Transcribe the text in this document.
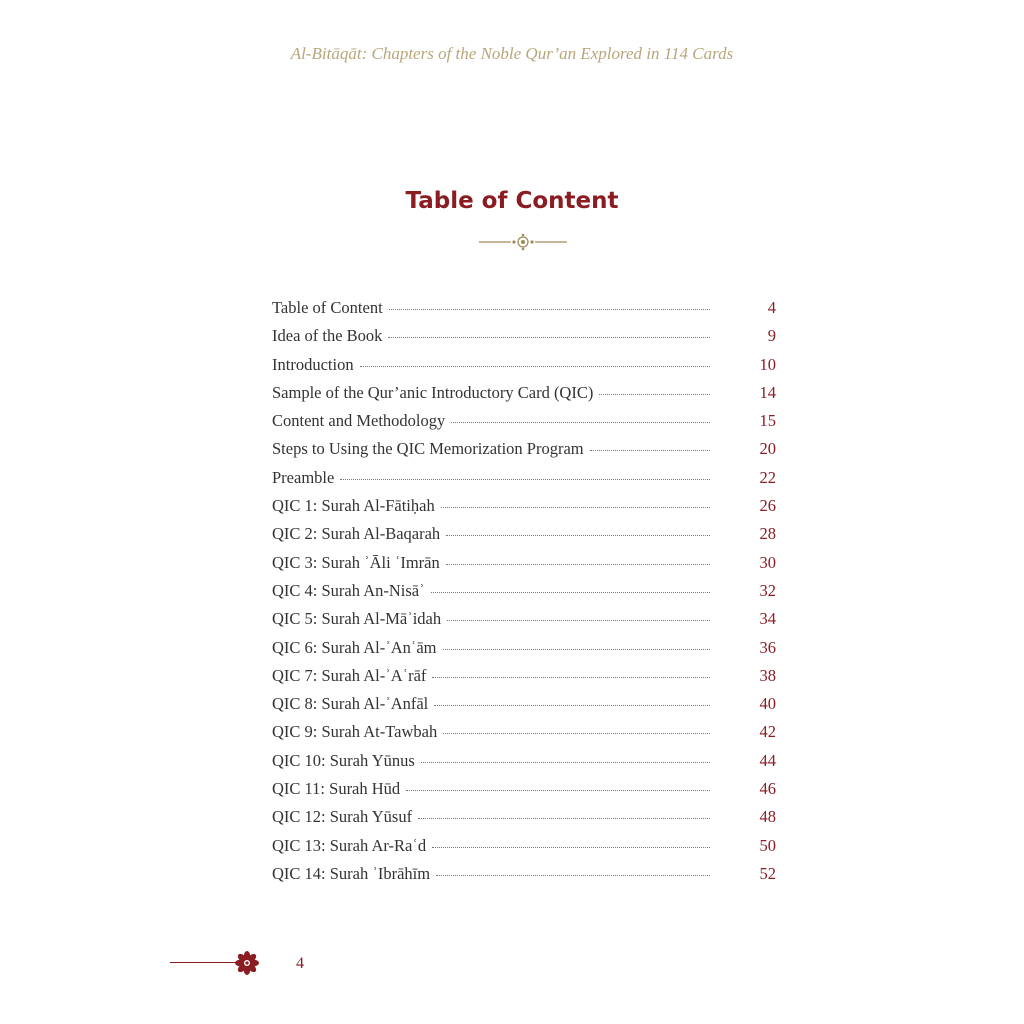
Al-Bitāqāt: Chapters of the Noble Qur’an Explored in 114 Cards
Table of Content
Table of Content	4
Idea of the Book	9
Introduction	10
Sample of the Qur’anic Introductory Card (QIC)	14
Content and Methodology	15
Steps to Using the QIC Memorization Program	20
Preamble	22
QIC 1: Surah Al-Fātiḥah	26
QIC 2: Surah Al-Baqarah	28
QIC 3: Surah ʾĀli ʿImrān	30
QIC 4: Surah An-Nisāʾ	32
QIC 5: Surah Al-Māʾidah	34
QIC 6: Surah Al-ʾAnʿām	36
QIC 7: Surah Al-ʾAʿrāf	38
QIC 8: Surah Al-ʾAnfāl	40
QIC 9: Surah At-Tawbah	42
QIC 10: Surah Yūnus	44
QIC 11: Surah Hūd	46
QIC 12: Surah Yūsuf	48
QIC 13: Surah Ar-Raʿd	50
QIC 14: Surah ʾIbrāhīm	52
4
